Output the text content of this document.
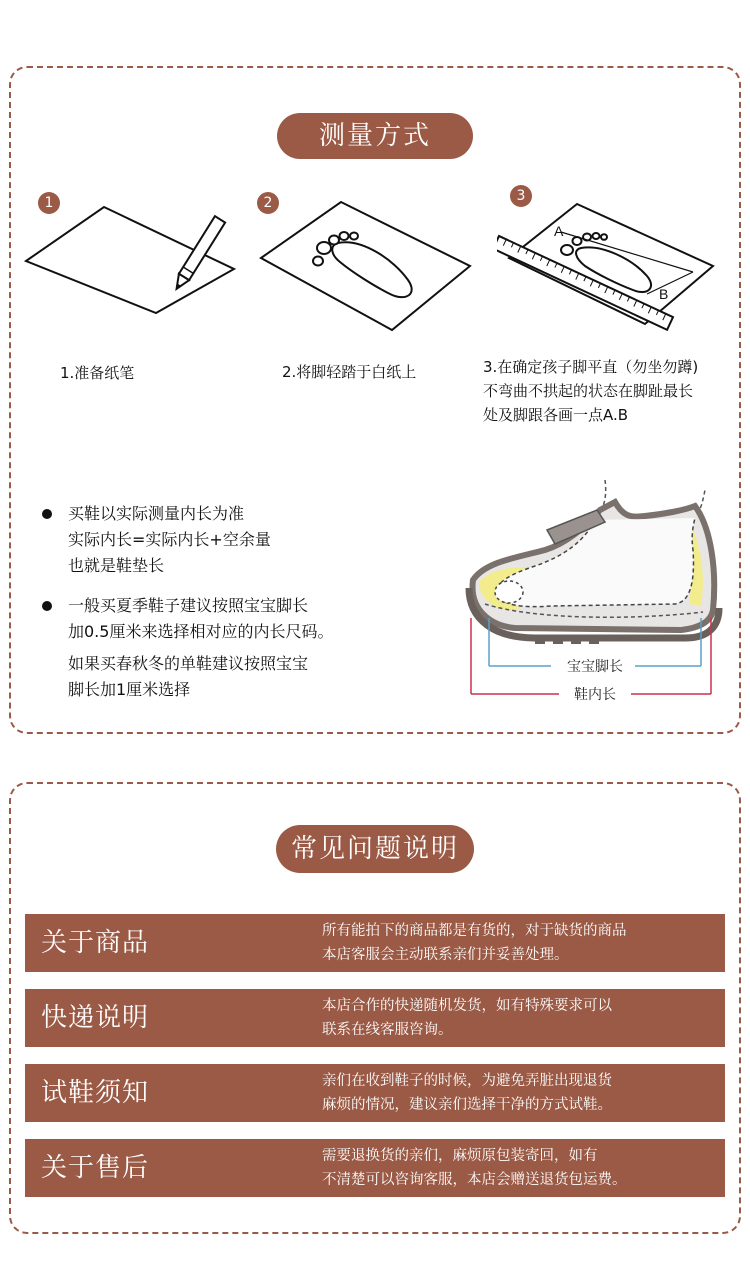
测量方式
1
1.准备纸笔
2
2.将脚轻踏于白纸上
3
A
B
3.在确定孩子脚平直（勿坐勿蹲)
不弯曲不拱起的状态在脚趾最长
处及脚跟各画一点A.B
买鞋以实际测量内长为准
实际内长=实际内长+空余量
也就是鞋垫长
一般买夏季鞋子建议按照宝宝脚长
加0.5厘米来选择相对应的内长尺码。
如果买春秋冬的单鞋建议按照宝宝
脚长加1厘米选择
宝宝脚长
鞋内长
常见问题说明
关于商品	所有能拍下的商品都是有货的，对于缺货的商品
本店客服会主动联系亲们并妥善处理。
快递说明	本店合作的快递随机发货，如有特殊要求可以
联系在线客服咨询。
试鞋须知	亲们在收到鞋子的时候，为避免弄脏出现退货
麻烦的情况，建议亲们选择干净的方式试鞋。
关于售后	需要退换货的亲们，麻烦原包装寄回，如有
不清楚可以咨询客服，本店会赠送退货包运费。
